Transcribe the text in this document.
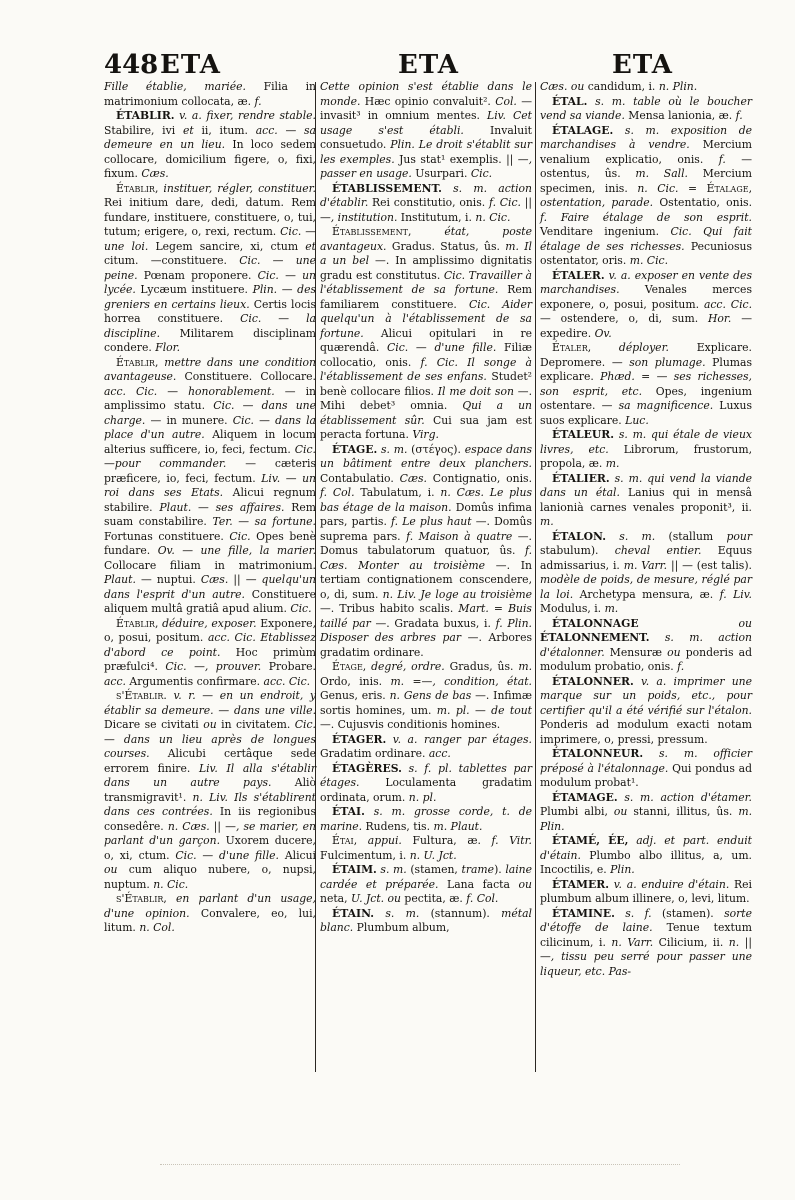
448 ETA	ETA	ETA

Fille établie, mariée. Filia in matrimonium collocata, æ. f.

ÉTABLIR. v. a. fixer, rendre stable. Stabilire, ivi et ii, itum. acc. — sa demeure en un lieu. In loco sedem collocare, domicilium figere, o, fixi, fixum. Cæs.

Établir, instituer, régler, constituer. Rei initium dare, dedi, datum. Rem fundare, instituere, constituere, o, tui, tutum; erigere, o, rexi, rectum. Cic. — une loi. Legem sancire, xi, ctum et citum. —constituere. Cic. — une peine. Pœnam proponere. Cic. — un lycée. Lycæum instituere. Plin. — des greniers en certains lieux. Certis locis horrea constituere. Cic. — la discipline. Militarem disciplinam condere. Flor.

Établir, mettre dans une condition avantageuse. Constituere. Collocare. acc. Cic. — honorablement. — in amplissimo statu. Cic. — dans une charge. — in munere. Cic. — dans la place d'un autre. Aliquem in locum alterius sufficere, io, feci, fectum. Cic. —pour commander. — cæteris præficere, io, feci, fectum. Liv. — un roi dans ses Etats. Alicui regnum stabilire. Plaut. — ses affaires. Rem suam constabilire. Ter. — sa fortune. Fortunas constituere. Cic. Opes benè fundare. Ov. — une fille, la marier. Collocare filiam in matrimonium. Plaut. — nuptui. Cæs. || — quelqu'un dans l'esprit d'un autre. Constituere aliquem multâ gratiâ apud alium. Cic.

Établir, déduire, exposer. Exponere, o, posui, positum. acc. Cic. Etablissez d'abord ce point. Hoc primùm præfulci⁴. Cic. —, prouver. Probare. acc. Argumentis confirmare. acc. Cic.

s'Établir. v. r. — en un endroit, y établir sa demeure. — dans une ville. Dicare se civitati ou in civitatem. Cic. — dans un lieu après de longues courses. Alicubi certâque sede errorem finire. Liv. Il alla s'établir dans un autre pays. Aliò transmigravit¹. n. Liv. Ils s'établirent dans ces contrées. In iis regionibus consedêre. n. Cæs. || —, se marier, en parlant d'un garçon. Uxorem ducere, o, xi, ctum. Cic. — d'une fille. Alicui ou cum aliquo nubere, o, nupsi, nuptum. n. Cic.

s'Établir, en parlant d'un usage, d'une opinion. Convalere, eo, lui, litum. n. Col.

Cette opinion s'est établie dans le monde. Hæc opinio convaluit². Col. — invasit³ in omnium mentes. Liv. Cet usage s'est établi. Invaluit consuetudo. Plin. Le droit s'établit sur les exemples. Jus stat¹ exemplis. || —, passer en usage. Usurpari. Cic.

ÉTABLISSEMENT. s. m. action d'établir. Rei constitutio, onis. f. Cic. || —, institution. Institutum, i. n. Cic.

Établissement, état, poste avantageux. Gradus. Status, ûs. m. Il a un bel —. In amplissimo dignitatis gradu est constitutus. Cic. Travailler à l'établissement de sa fortune. Rem familiarem constituere. Cic. Aider quelqu'un à l'établissement de sa fortune. Alicui opitulari in re quærendâ. Cic. — d'une fille. Filiæ collocatio, onis. f. Cic. Il songe à l'établissement de ses enfans. Studet² benè collocare filios. Il me doit son —. Mihi debet³ omnia. Qui a un établissement sûr. Cui sua jam est peracta fortuna. Virg.

ÉTAGE. s. m. (στέγος). espace dans un bâtiment entre deux planchers. Contabulatio. Cæs. Contignatio, onis. f. Col. Tabulatum, i. n. Cæs. Le plus bas étage de la maison. Domûs infima pars, partis. f. Le plus haut —. Domûs suprema pars. f. Maison à quatre —. Domus tabulatorum quatuor, ûs. f. Cæs. Monter au troisième —. In tertiam contignationem conscendere, o, di, sum. n. Liv. Je loge au troisième —. Tribus habito scalis. Mart. = Buis taillé par —. Gradata buxus, i. f. Plin. Disposer des arbres par —. Arbores gradatim ordinare.

Étage, degré, ordre. Gradus, ûs. m. Ordo, inis. m. =—, condition, état. Genus, eris. n. Gens de bas —. Infimæ sortis homines, um. m. pl. — de tout —. Cujusvis conditionis homines.

ÉTAGER. v. a. ranger par étages. Gradatim ordinare. acc.

ÉTAGÈRES. s. f. pl. tablettes par étages. Loculamenta gradatim ordinata, orum. n. pl.

ÉTAI. s. m. grosse corde, t. de marine. Rudens, tis. m. Plaut.

Étai, appui. Fultura, æ. f. Vitr. Fulcimentum, i. n. U. Jct.

ÉTAIM. s. m. (stamen, trame). laine cardée et préparée. Lana facta ou neta, U. Jct. ou pectita, æ. f. Col.

ÉTAIN. s. m. (stannum). métal blanc. Plumbum album,

Cæs. ou candidum, i. n. Plin.

ÉTAL. s. m. table où le boucher vend sa viande. Mensa lanionia, æ. f.

ÉTALAGE. s. m. exposition de marchandises à vendre. Mercium venalium explicatio, onis. f. — ostentus, ûs. m. Sall. Mercium specimen, inis. n. Cic. = Étalage, ostentation, parade. Ostentatio, onis. f. Faire étalage de son esprit. Venditare ingenium. Cic. Qui fait étalage de ses richesses. Pecuniosus ostentator, oris. m. Cic.

ÉTALER. v. a. exposer en vente des marchandises. Venales merces exponere, o, posui, positum. acc. Cic. — ostendere, o, di, sum. Hor. — expedire. Ov.

Étaler, déployer. Explicare. Depromere. — son plumage. Plumas explicare. Phæd. = — ses richesses, son esprit, etc. Opes, ingenium ostentare. — sa magnificence. Luxus suos explicare. Luc.

ÉTALEUR. s. m. qui étale de vieux livres, etc. Librorum, frustorum, propola, æ. m.

ÉTALIER. s. m. qui vend la viande dans un étal. Lanius qui in mensâ lanionià carnes venales proponit³, ii. m.

ÉTALON. s. m. (stallum pour stabulum). cheval entier. Equus admissarius, i. m. Varr. || — (est talis). modèle de poids, de mesure, réglé par la loi. Archetypa mensura, æ. f. Liv. Modulus, i. m.

ÉTALONNAGE ou ÉTALONNEMENT. s. m. action d'étalonner. Mensuræ ou ponderis ad modulum probatio, onis. f.

ÉTALONNER. v. a. imprimer une marque sur un poids, etc., pour certifier qu'il a été vérifié sur l'étalon. Ponderis ad modulum exacti notam imprimere, o, pressi, pressum.

ÉTALONNEUR. s. m. officier préposé à l'étalonnage. Qui pondus ad modulum probat¹.

ÉTAMAGE. s. m. action d'étamer. Plumbi albi, ou stanni, illitus, ûs. m. Plin.

ÉTAMÉ, ÉE, adj. et part. enduit d'étain. Plumbo albo illitus, a, um. Incoctilis, e. Plin.

ÉTAMER. v. a. enduire d'étain. Rei plumbum album illinere, o, levi, litum.

ÉTAMINE. s. f. (stamen). sorte d'étoffe de laine. Tenue textum cilicinum, i. n. Varr. Cilicium, ii. n. || —, tissu peu serré pour passer une liqueur, etc. Pas-
